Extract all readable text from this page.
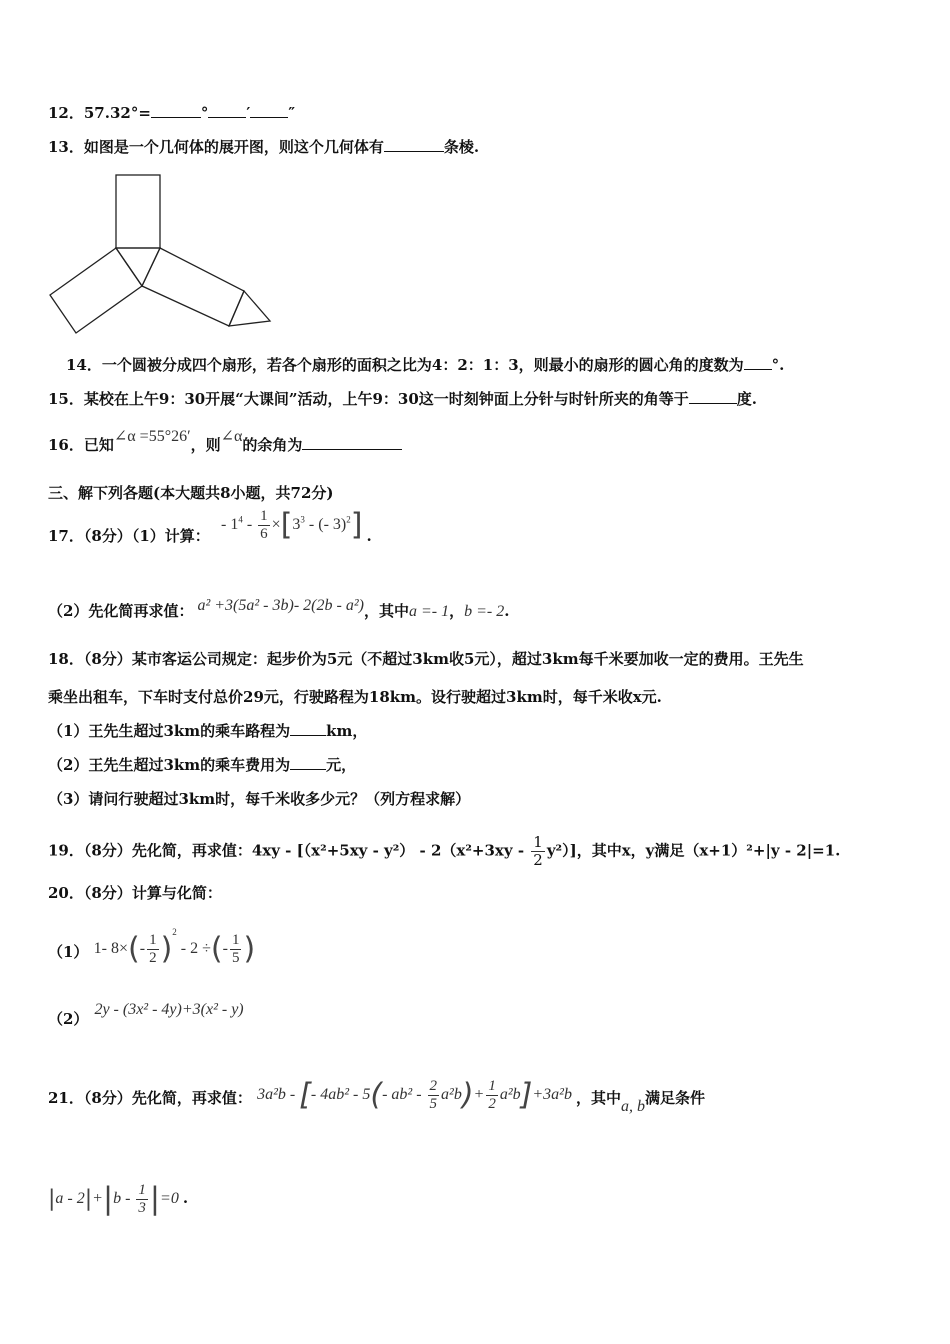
12．57.32°=	°	′	″
13．如图是一个几何体的展开图，则这个几何体有	条棱.
14．一个圆被分成四个扇形，若各个扇形的面积之比为4：2：1：3，则最小的扇形的圆心角的度数为 °.
15．某校在上午9：30开展“大课间”活动，上午9：30这一时刻钟面上分针与时针所夹的角等于	度.
16．已知∠α =55°26′，则∠α的余角为
三、解下列各题(本大题共8小题，共72分)
17．（8分）（1）计算： - $1^4 - \frac{1}{6} \times[3^3$ - (- 3)$^2$] .
（2）先化简再求值： a² +3(5a² - 3b)- 2(2b - a²)，其中a =- 1，b =- 2.
18．（8分）某市客运公司规定：起步价为5元（不超过3km收5元），超过3km每千米要加收一定的费用。王先生
乘坐出租车，下车时支付总价29元，行驶路程为18km。设行驶超过3km时，每千米收x元.
（1）王先生超过3km的乘车路程为 km，
（2）王先生超过3km的乘车费用为 元，
（3）请问行驶超过3km时，每千米收多少元？（列方程求解）
19．（8分）先化简，再求值：$4xy - [(x^2+5xy - y^2) - 2(x^2+3xy - \frac{1}{2} y^2)]$，其中x，y满足（x+1）²+|y - 2|=1.
20．（8分）计算与化简：
（1） 1- $8\times(- \frac{1}{2} )^2 - 2$ ÷(- $\frac{1}{5}$ )
（2）2y - (3x² - 4y)+3(x² - y)
21．（8分）先化简，再求值： 3a²b - [- 4ab² - 5(- $ab^2 - \frac{2}{5} a^2b)+ \frac{1}{2} a^2b]+3a^2b$ ，其中a, b满足条件
$|a - 2|+|b - \frac{1}{3} |=0$ .
